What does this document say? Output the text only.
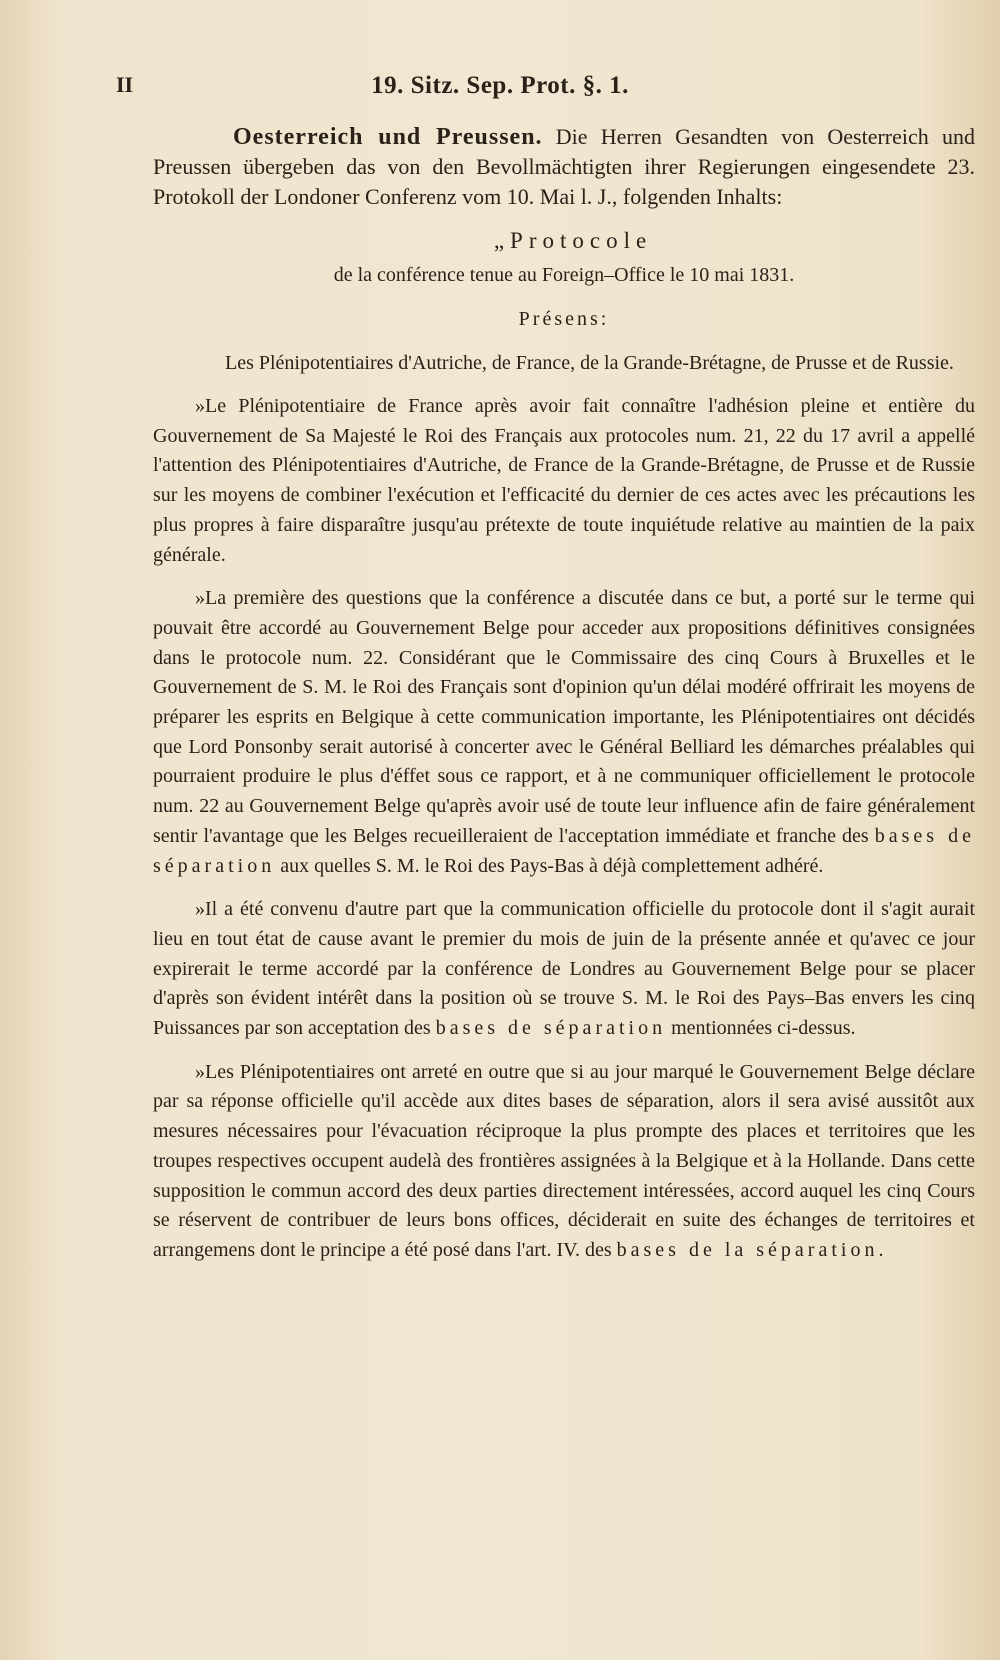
II	19. Sitz. Sep. Prot. §. 1.

Oesterreich und Preussen. Die Herren Gesandten von Oesterreich und Preussen übergeben das von den Bevollmächtigten ihrer Regierungen eingesendete 23. Protokoll der Londoner Conferenz vom 10. Mai l. J., folgenden Inhalts:

„Protocole

de la conférence tenue au Foreign–Office le 10 mai 1831.

Présens:

Les Plénipotentiaires d'Autriche, de France, de la Grande-Brétagne, de Prusse et de Russie.

»Le Plénipotentiaire de France après avoir fait connaître l'adhésion pleine et entière du Gouvernement de Sa Majesté le Roi des Français aux protocoles num. 21, 22 du 17 avril a appellé l'attention des Plénipotentiaires d'Autriche, de France de la Grande-Brétagne, de Prusse et de Russie sur les moyens de combiner l'exécution et l'efficacité du dernier de ces actes avec les précautions les plus propres à faire disparaître jusqu'au prétexte de toute inquiétude relative au maintien de la paix générale.

»La première des questions que la conférence a discutée dans ce but, a porté sur le terme qui pouvait être accordé au Gouvernement Belge pour acceder aux propositions définitives consignées dans le protocole num. 22. Considérant que le Commissaire des cinq Cours à Bruxelles et le Gouvernement de S. M. le Roi des Français sont d'opinion qu'un délai modéré offrirait les moyens de préparer les esprits en Belgique à cette communication importante, les Plénipotentiaires ont décidés que Lord Ponsonby serait autorisé à concerter avec le Général Belliard les démarches préalables qui pourraient produire le plus d'éffet sous ce rapport, et à ne communiquer officiellement le protocole num. 22 au Gouvernement Belge qu'après avoir usé de toute leur influence afin de faire généralement sentir l'avantage que les Belges recueilleraient de l'acceptation immédiate et franche des bases de séparation aux quelles S. M. le Roi des Pays-Bas à déjà complettement adhéré.

»Il a été convenu d'autre part que la communication officielle du protocole dont il s'agit aurait lieu en tout état de cause avant le premier du mois de juin de la présente année et qu'avec ce jour expirerait le terme accordé par la conférence de Londres au Gouvernement Belge pour se placer d'après son évident intérêt dans la position où se trouve S. M. le Roi des Pays–Bas envers les cinq Puissances par son acceptation des bases de séparation mentionnées ci-dessus.

»Les Plénipotentiaires ont arreté en outre que si au jour marqué le Gouvernement Belge déclare par sa réponse officielle qu'il accède aux dites bases de séparation, alors il sera avisé aussitôt aux mesures nécessaires pour l'évacuation réciproque la plus prompte des places et territoires que les troupes respectives occupent audelà des frontières assignées à la Belgique et à la Hollande. Dans cette supposition le commun accord des deux parties directement intéressées, accord auquel les cinq Cours se réservent de contribuer de leurs bons offices, déciderait en suite des échanges de territoires et arrangemens dont le principe a été posé dans l'art. IV. des bases de la séparation.
